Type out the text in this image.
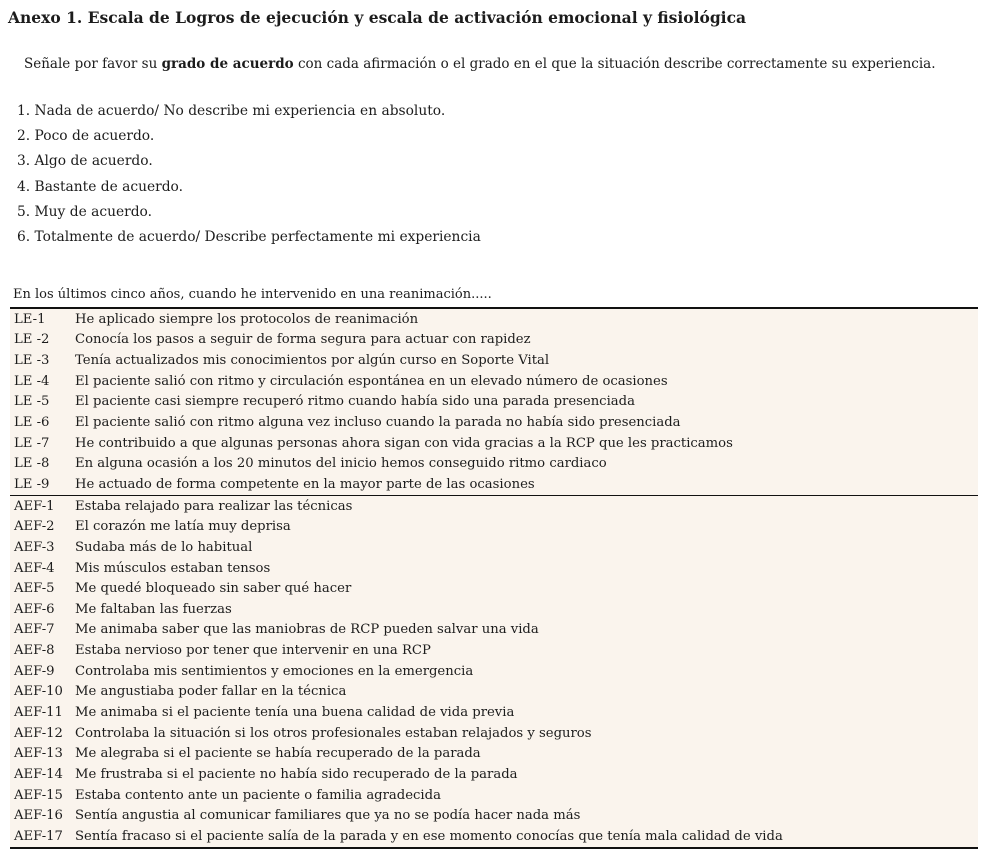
Anexo 1. Escala de Logros de ejecución y escala de activación emocional y fisiológica

Señale por favor su grado de acuerdo con cada afirmación o el grado en el que la situación describe correctamente su experiencia.

1. Nada de acuerdo/ No describe mi experiencia en absoluto.
2. Poco de acuerdo.
3. Algo de acuerdo.
4. Bastante de acuerdo.
5. Muy de acuerdo.
6. Totalmente de acuerdo/ Describe perfectamente mi experiencia
En los últimos cinco años, cuando he intervenido en una reanimación.....
LE-1	He aplicado siempre los protocolos de reanimación
LE -2	Conocía los pasos a seguir de forma segura para actuar con rapidez
LE -3	Tenía actualizados mis conocimientos por algún curso en Soporte Vital
LE -4	El paciente salió con ritmo y circulación espontánea en un elevado número de ocasiones
LE -5	El paciente casi siempre recuperó ritmo cuando había sido una parada presenciada
LE -6	El paciente salió con ritmo alguna vez incluso cuando la parada no había sido presenciada
LE -7	He contribuido a que algunas personas ahora sigan con vida gracias a la RCP que les practicamos
LE -8	En alguna ocasión a los 20 minutos del inicio hemos conseguido ritmo cardiaco
LE -9	He actuado de forma competente en la mayor parte de las ocasiones
AEF-1	Estaba relajado para realizar las técnicas
AEF-2	El corazón me latía muy deprisa
AEF-3	Sudaba más de lo habitual
AEF-4	Mis músculos estaban tensos
AEF-5	Me quedé bloqueado sin saber qué hacer
AEF-6	Me faltaban las fuerzas
AEF-7	Me animaba saber que las maniobras de RCP pueden salvar una vida
AEF-8	Estaba nervioso por tener que intervenir en una RCP
AEF-9	Controlaba mis sentimientos y emociones en la emergencia
AEF-10 Me angustiaba poder fallar en la técnica
AEF-11 Me animaba si el paciente tenía una buena calidad de vida previa
AEF-12 Controlaba la situación si los otros profesionales estaban relajados y seguros
AEF-13 Me alegraba si el paciente se había recuperado de la parada
AEF-14 Me frustraba si el paciente no había sido recuperado de la parada
AEF-15 Estaba contento ante un paciente o familia agradecida
AEF-16 Sentía angustia al comunicar familiares que ya no se podía hacer nada más
AEF-17 Sentía fracaso si el paciente salía de la parada y en ese momento conocías que tenía mala calidad de vida
